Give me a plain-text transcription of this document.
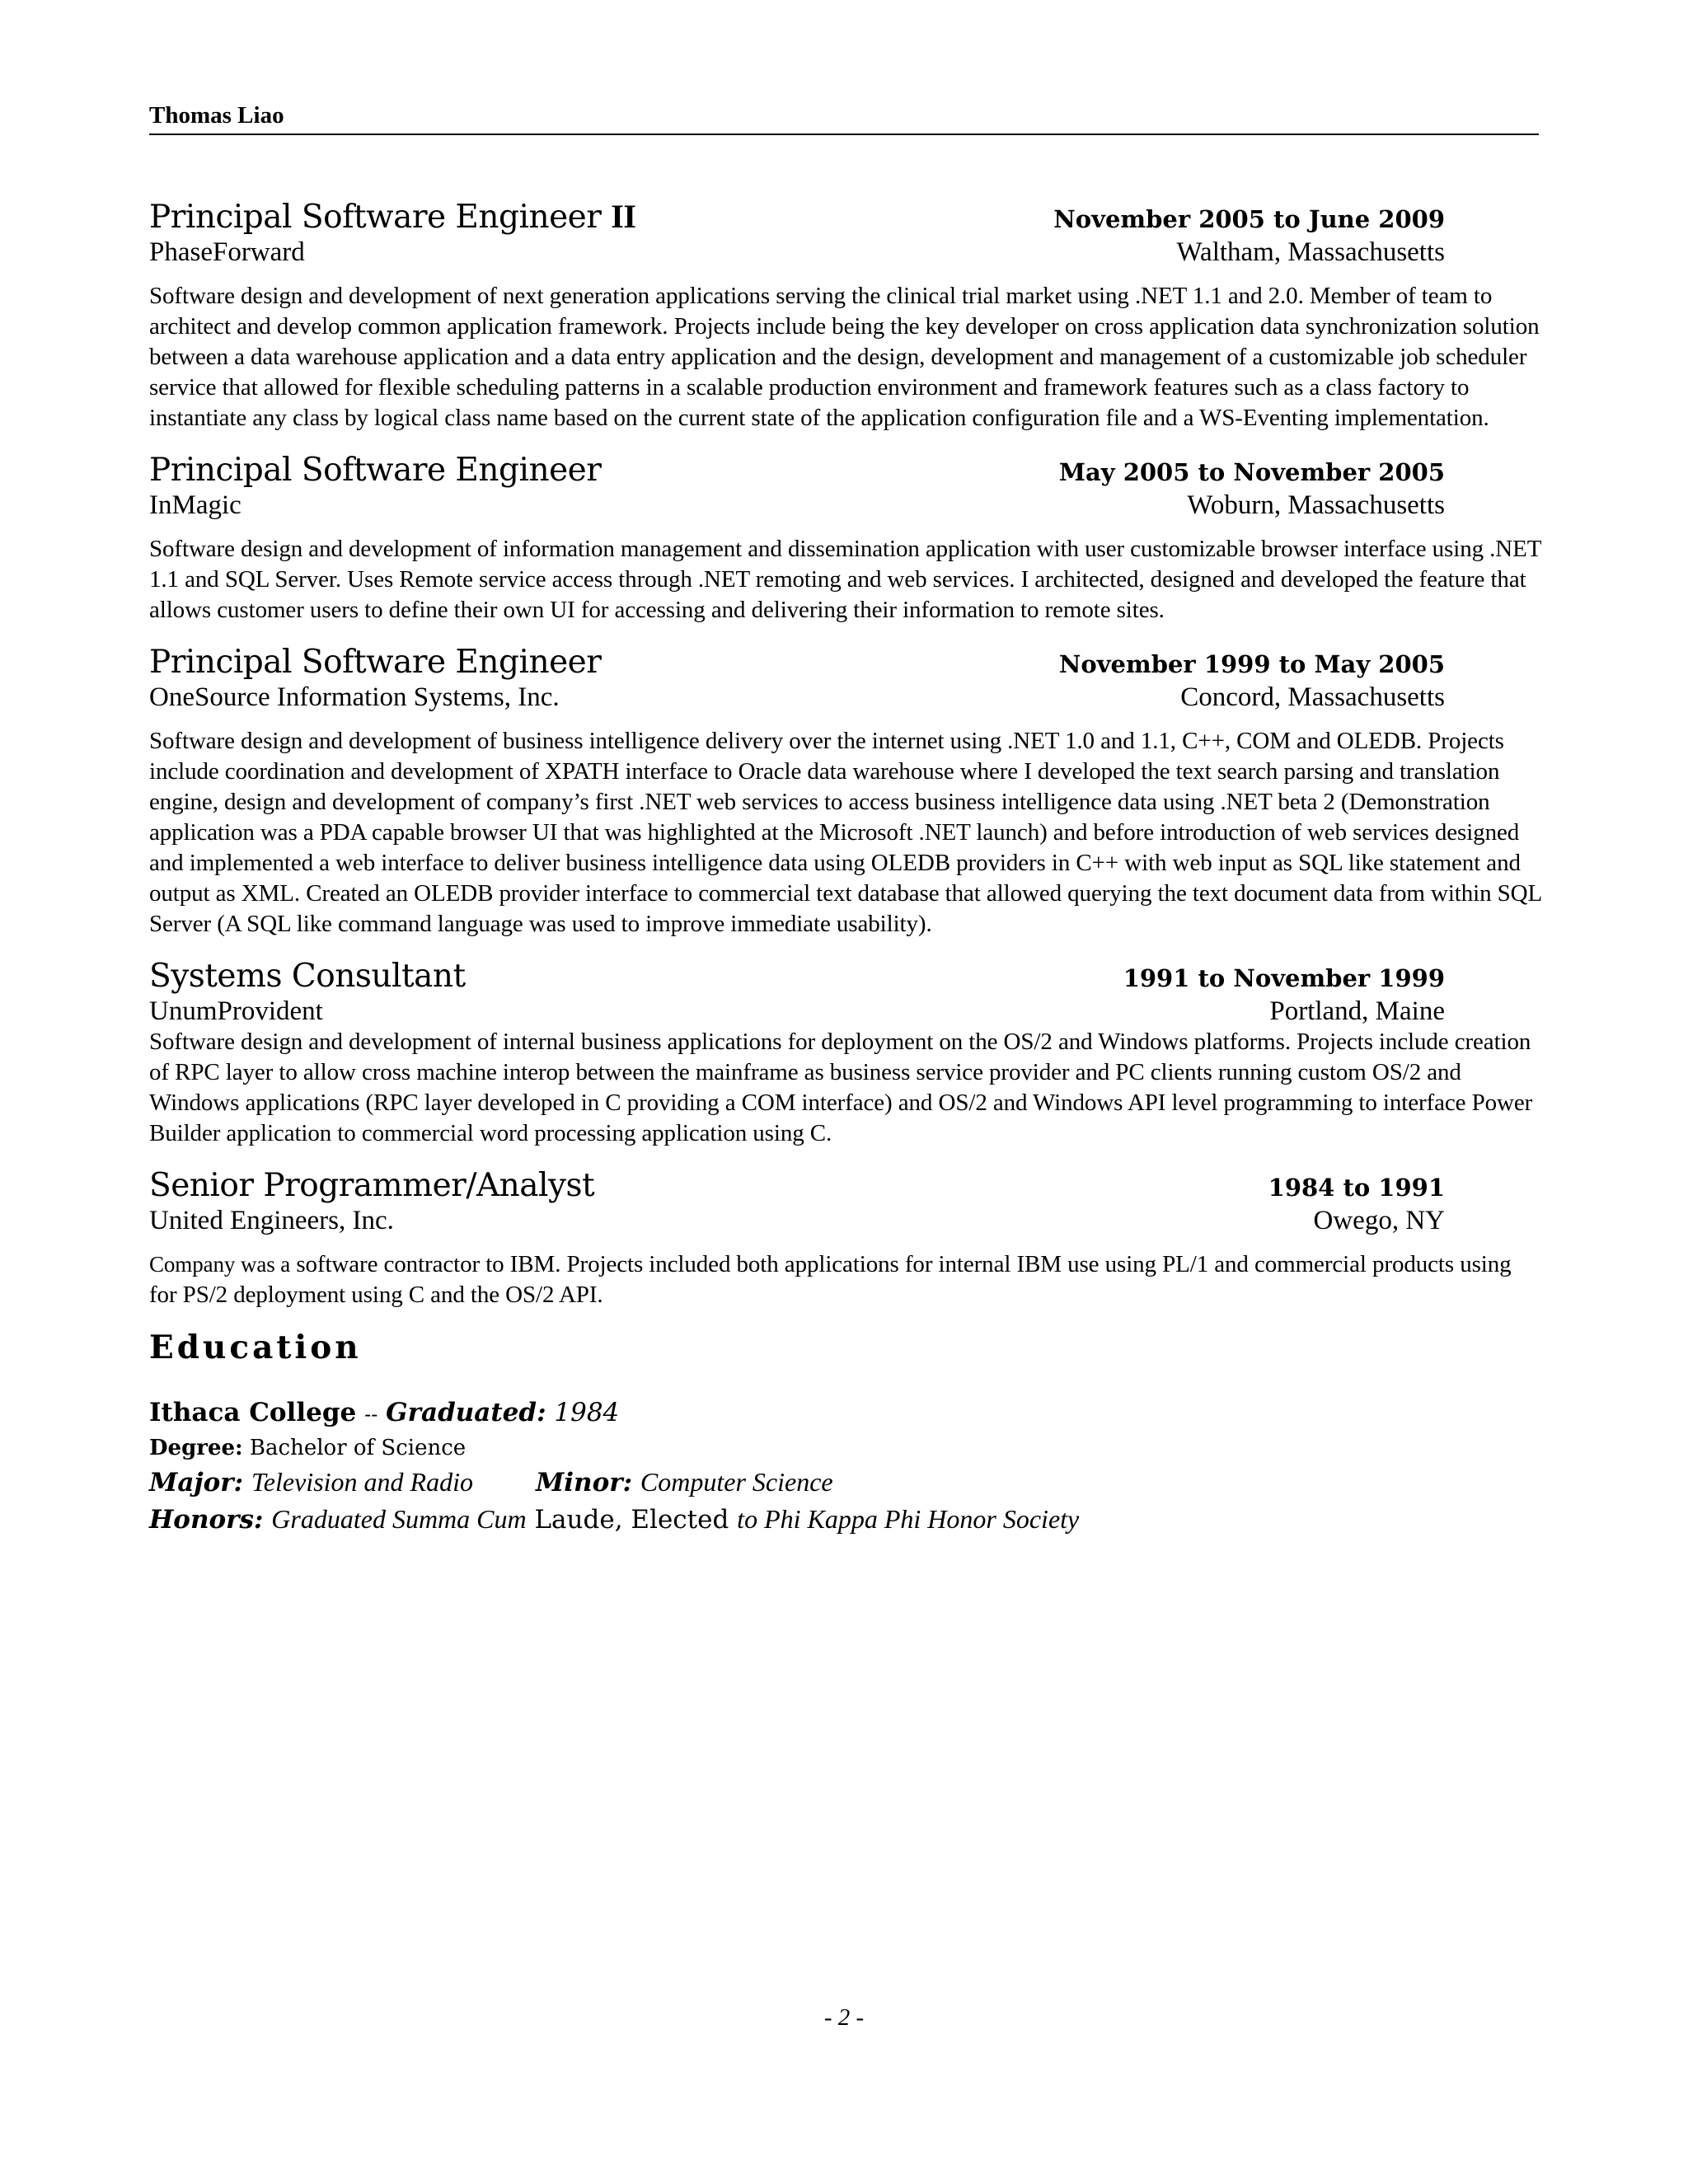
Thomas Liao
Principal Software Engineer II	November 2005 to June 2009
PhaseForward	Waltham, Massachusetts

Software design and development of next generation applications serving the clinical trial market using .NET 1.1 and 2.0. Member of team to architect and develop common application framework. Projects include being the key developer on cross application data synchronization solution between a data warehouse application and a data entry application and the design, development and management of a customizable job scheduler service that allowed for flexible scheduling patterns in a scalable production environment and framework features such as a class factory to instantiate any class by logical class name based on the current state of the application configuration file and a WS-Eventing implementation.

Principal Software Engineer	May 2005 to November 2005
InMagic	Woburn, Massachusetts

Software design and development of information management and dissemination application with user customizable browser interface using .NET 1.1 and SQL Server. Uses Remote service access through .NET remoting and web services. I architected, designed and developed the feature that allows customer users to define their own UI for accessing and delivering their information to remote sites.

Principal Software Engineer	November 1999 to May 2005
OneSource Information Systems, Inc.	Concord, Massachusetts

Software design and development of business intelligence delivery over the internet using .NET 1.0 and 1.1, C++, COM and OLEDB. Projects include coordination and development of XPATH interface to Oracle data warehouse where I developed the text search parsing and translation engine, design and development of company’s first .NET web services to access business intelligence data using .NET beta 2 (Demonstration application was a PDA capable browser UI that was highlighted at the Microsoft .NET launch) and before introduction of web services designed and implemented a web interface to deliver business intelligence data using OLEDB providers in C++ with web input as SQL like statement and output as XML. Created an OLEDB provider interface to commercial text database that allowed querying the text document data from within SQL Server (A SQL like command language was used to improve immediate usability).

Systems Consultant	1991 to November 1999
UnumProvident	Portland, Maine

Software design and development of internal business applications for deployment on the OS/2 and Windows platforms. Projects include creation of RPC layer to allow cross machine interop between the mainframe as business service provider and PC clients running custom OS/2 and Windows applications (RPC layer developed in C providing a COM interface) and OS/2 and Windows API level programming to interface Power Builder application to commercial word processing application using C.

Senior Programmer/Analyst	1984 to 1991
United Engineers, Inc.	Owego, NY

Company was a software contractor to IBM. Projects included both applications for internal IBM use using PL/1 and commercial products using for PS/2 deployment using C and the OS/2 API.

Education
Ithaca College -- Graduated: 1984
Degree: Bachelor of Science
Major: Television and Radio Minor: Computer Science
Honors: Graduated Summa Cum Laude, Elected to Phi Kappa Phi Honor Society
- 2 -
